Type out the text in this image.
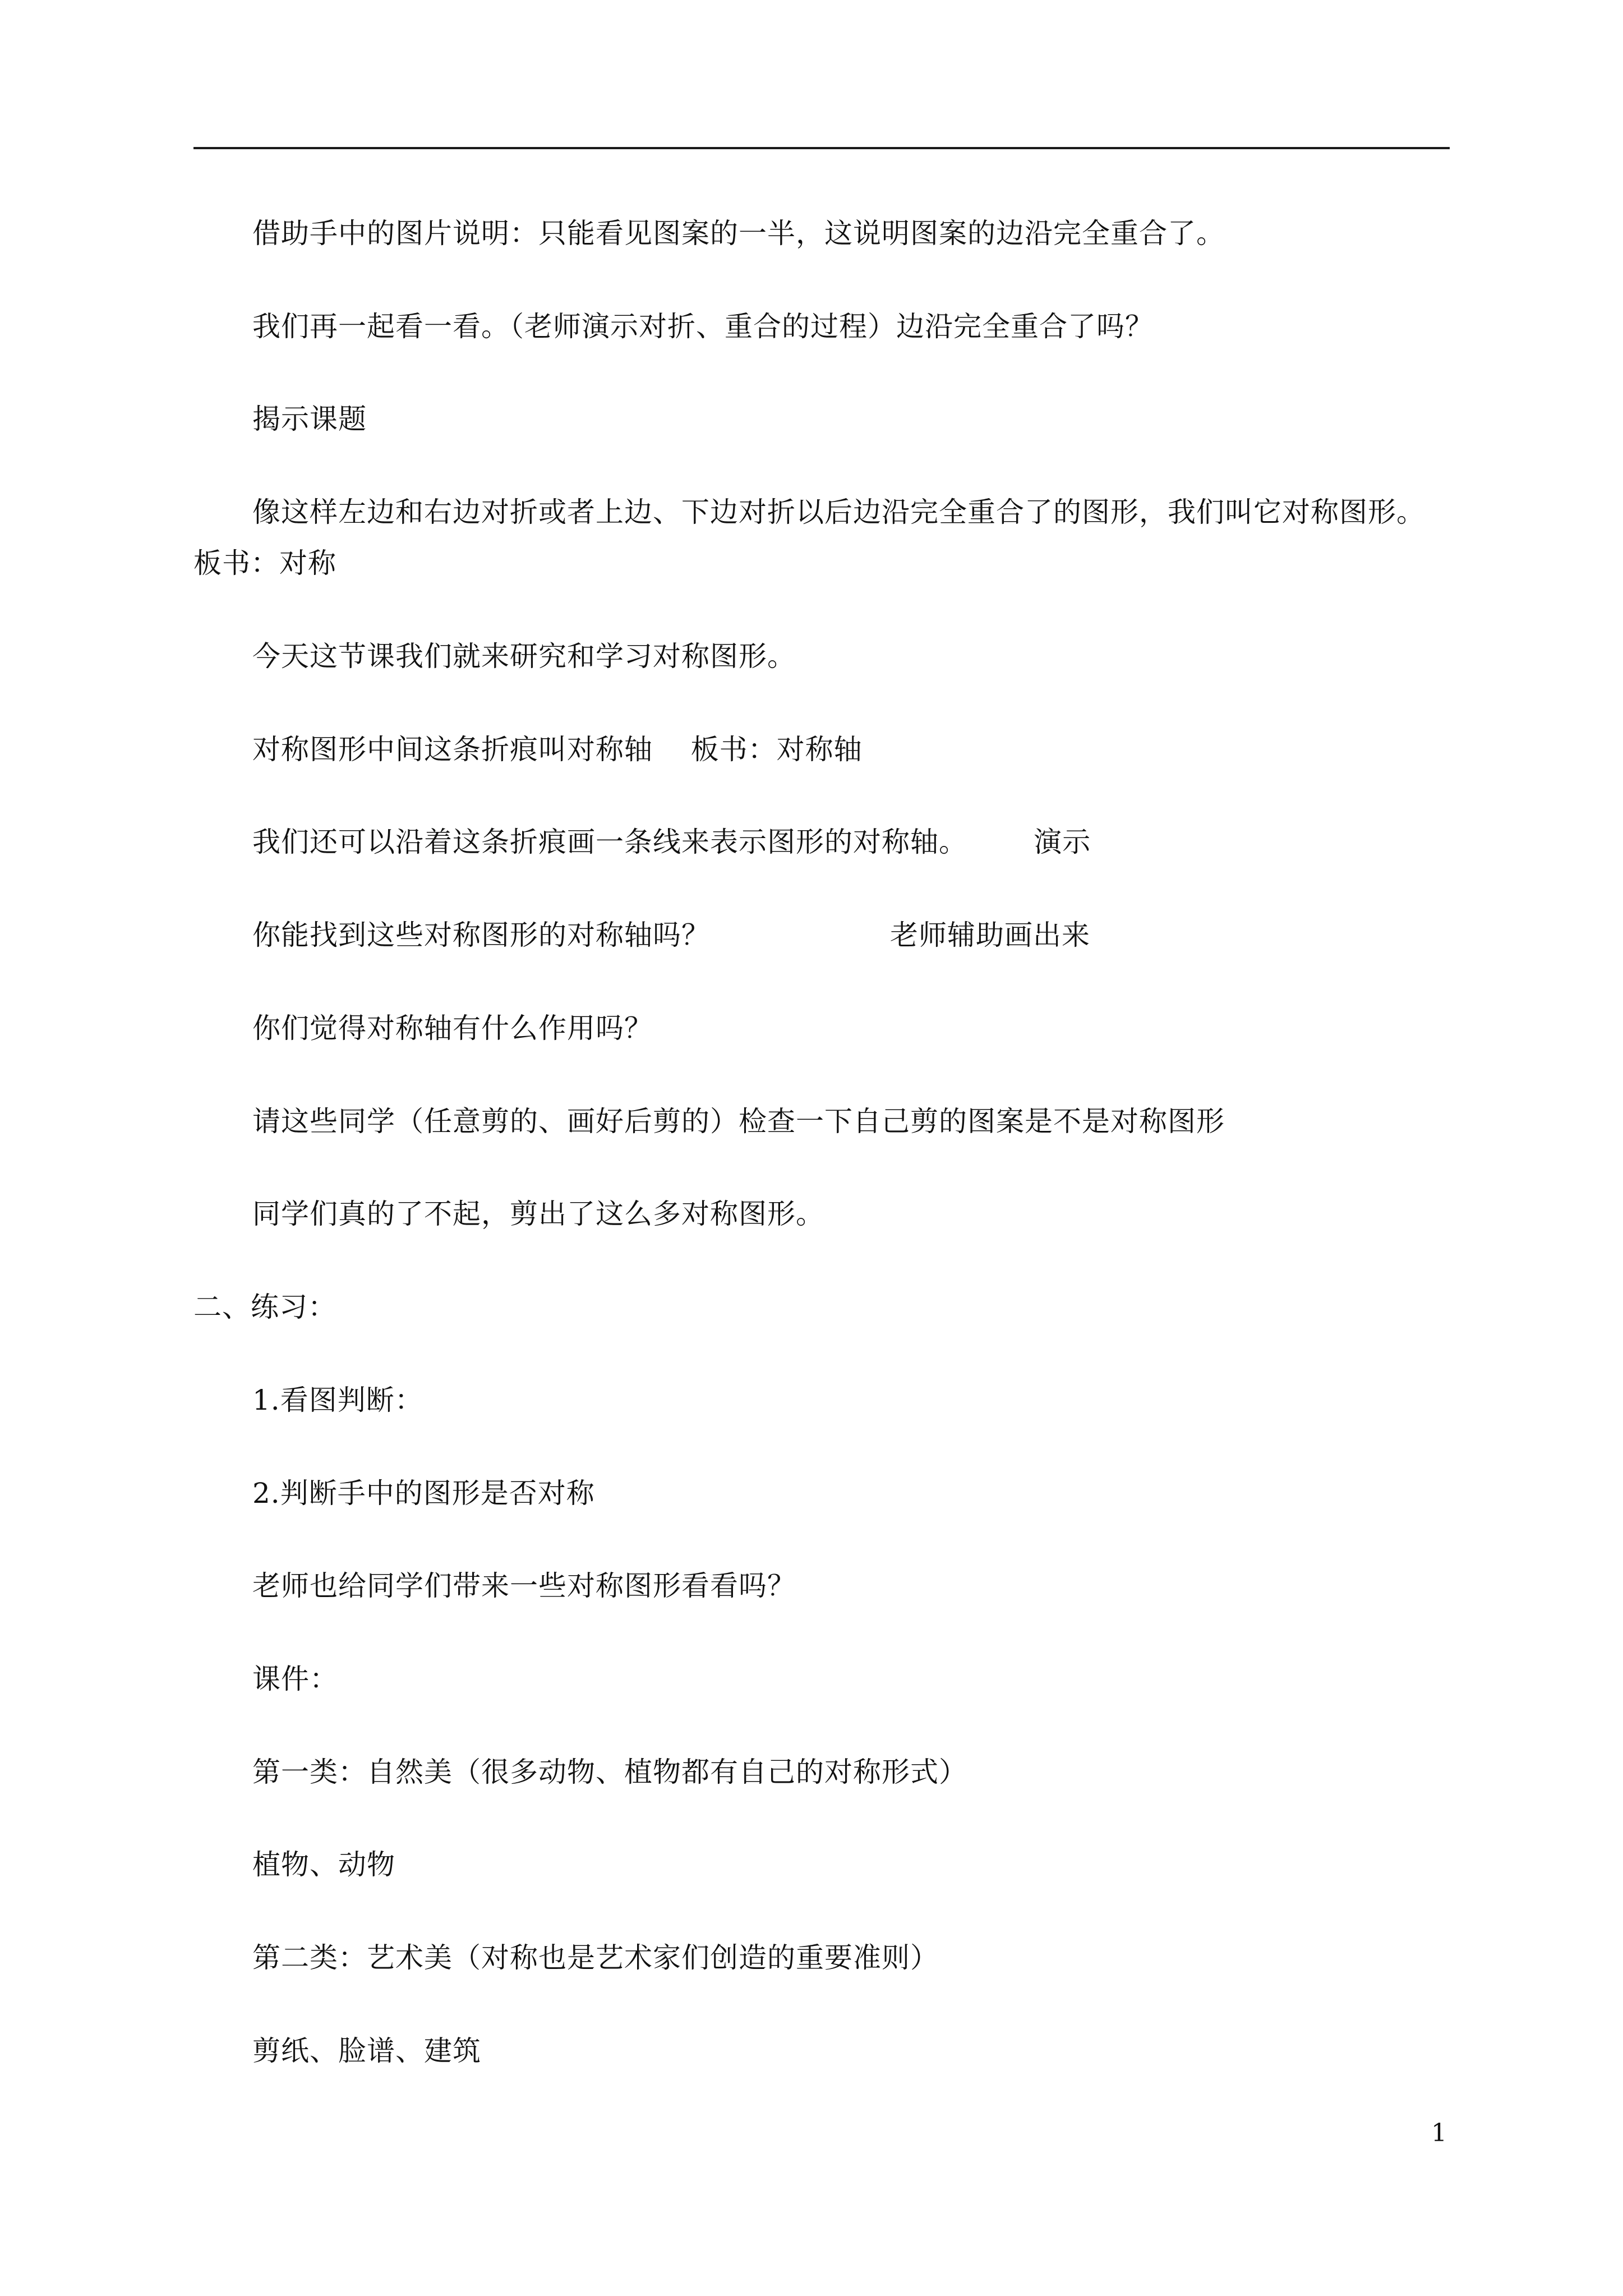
借助手中的图片说明：只能看见图案的一半，这说明图案的边沿完全重合了。
我们再一起看一看。（老师演示对折、重合的过程）边沿完全重合了吗？
揭示课题
像这样左边和右边对折或者上边、下边对折以后边沿完全重合了的图形，我们叫它对称图形。
板书：对称
今天这节课我们就来研究和学习对称图形。
对称图形中间这条折痕叫对称轴    板书：对称轴
我们还可以沿着这条折痕画一条线来表示图形的对称轴。       演示
你能找到这些对称图形的对称轴吗？                   老师辅助画出来
你们觉得对称轴有什么作用吗？
请这些同学（任意剪的、画好后剪的）检查一下自己剪的图案是不是对称图形
同学们真的了不起，剪出了这么多对称图形。
二、练习：
1.看图判断：
2.判断手中的图形是否对称
老师也给同学们带来一些对称图形看看吗？
课件：
第一类：自然美（很多动物、植物都有自己的对称形式）
植物、动物
第二类：艺术美（对称也是艺术家们创造的重要准则）
剪纸、脸谱、建筑
1
